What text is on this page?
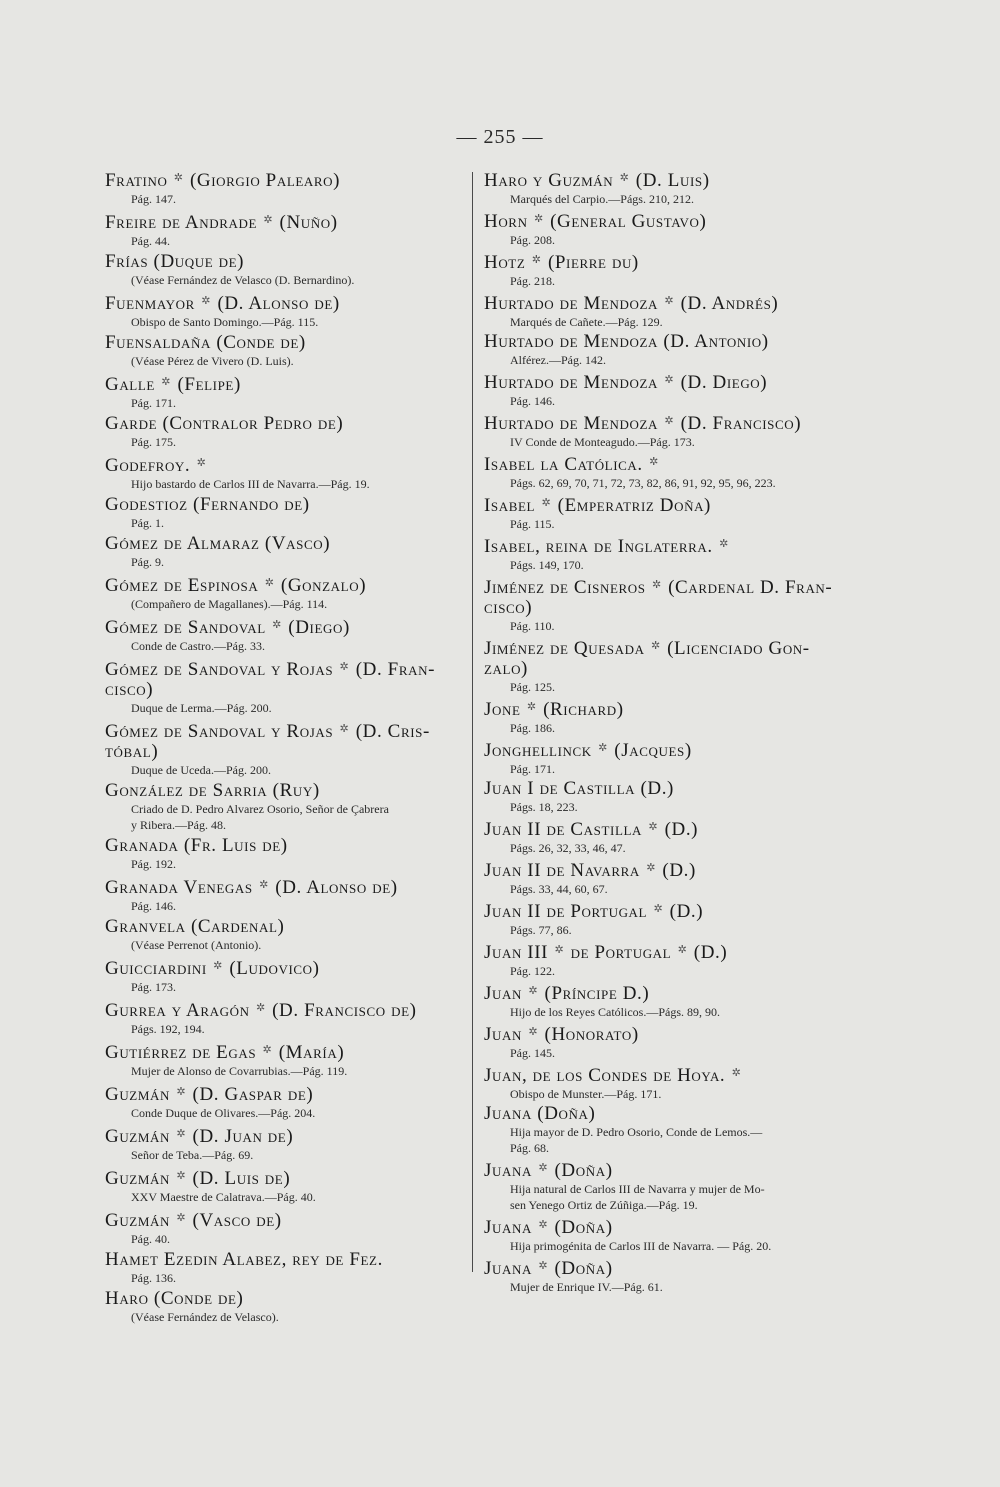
— 255 —
Fratino ✲ (Giorgio Palearo)
Pág. 147.
Freire de Andrade ✲ (Nuño)
Pág. 44.
Frías (Duque de)
(Véase Fernández de Velasco (D. Bernardino).
Fuenmayor ✲ (D. Alonso de)
Obispo de Santo Domingo.—Pág. 115.
Fuensaldaña (Conde de)
(Véase Pérez de Vivero (D. Luis).
Galle ✲ (Felipe)
Pág. 171.
Garde (Contralor Pedro de)
Pág. 175.
Godefroy. ✲
Hijo bastardo de Carlos III de Navarra.—Pág. 19.
Godestioz (Fernando de)
Pág. 1.
Gómez de Almaraz (Vasco)
Pág. 9.
Gómez de Espinosa ✲ (Gonzalo)
(Compañero de Magallanes).—Pág. 114.
Gómez de Sandoval ✲ (Diego)
Conde de Castro.—Pág. 33.
Gómez de Sandoval y Rojas ✲ (D. Fran-
cisco)
Duque de Lerma.—Pág. 200.
Gómez de Sandoval y Rojas ✲ (D. Cris-
tóbal)
Duque de Uceda.—Pág. 200.
González de Sarria (Ruy)
Criado de D. Pedro Alvarez Osorio, Señor de Çabrera
y Ribera.—Pág. 48.
Granada (Fr. Luis de)
Pág. 192.
Granada Venegas ✲ (D. Alonso de)
Pág. 146.
Granvela (Cardenal)
(Véase Perrenot (Antonio).
Guicciardini ✲ (Ludovico)
Pág. 173.
Gurrea y Aragón ✲ (D. Francisco de)
Págs. 192, 194.
Gutiérrez de Egas ✲ (María)
Mujer de Alonso de Covarrubias.—Pág. 119.
Guzmán ✲ (D. Gaspar de)
Conde Duque de Olivares.—Pág. 204.
Guzmán ✲ (D. Juan de)
Señor de Teba.—Pág. 69.
Guzmán ✲ (D. Luis de)
XXV Maestre de Calatrava.—Pág. 40.
Guzmán ✲ (Vasco de)
Pág. 40.
Hamet Ezedin Alabez, rey de Fez.
Pág. 136.
Haro (Conde de)
(Véase Fernández de Velasco).
Haro y Guzmán ✲ (D. Luis)
Marqués del Carpio.—Págs. 210, 212.
Horn ✲ (General Gustavo)
Pág. 208.
Hotz ✲ (Pierre du)
Pág. 218.
Hurtado de Mendoza ✲ (D. Andrés)
Marqués de Cañete.—Pág. 129.
Hurtado de Mendoza (D. Antonio)
Alférez.—Pág. 142.
Hurtado de Mendoza ✲ (D. Diego)
Pág. 146.
Hurtado de Mendoza ✲ (D. Francisco)
IV Conde de Monteagudo.—Pág. 173.
Isabel la Católica. ✲
Págs. 62, 69, 70, 71, 72, 73, 82, 86, 91, 92, 95, 96, 223.
Isabel ✲ (Emperatriz Doña)
Pág. 115.
Isabel, reina de Inglaterra. ✲
Págs. 149, 170.
Jiménez de Cisneros ✲ (Cardenal D. Fran-
cisco)
Pág. 110.
Jiménez de Quesada ✲ (Licenciado Gon-
zalo)
Pág. 125.
Jone ✲ (Richard)
Pág. 186.
Jonghellinck ✲ (Jacques)
Pág. 171.
Juan I de Castilla (D.)
Págs. 18, 223.
Juan II de Castilla ✲ (D.)
Págs. 26, 32, 33, 46, 47.
Juan II de Navarra ✲ (D.)
Págs. 33, 44, 60, 67.
Juan II de Portugal ✲ (D.)
Págs. 77, 86.
Juan III ✲ de Portugal ✲ (D.)
Pág. 122.
Juan ✲ (Príncipe D.)
Hijo de los Reyes Católicos.—Págs. 89, 90.
Juan ✲ (Honorato)
Pág. 145.
Juan, de los Condes de Hoya. ✲
Obispo de Munster.—Pág. 171.
Juana (Doña)
Hija mayor de D. Pedro Osorio, Conde de Lemos.—
Pág. 68.
Juana ✲ (Doña)
Hija natural de Carlos III de Navarra y mujer de Mo-
sen Yenego Ortiz de Zúñiga.—Pág. 19.
Juana ✲ (Doña)
Hija primogénita de Carlos III de Navarra. — Pág. 20.
Juana ✲ (Doña)
Mujer de Enrique IV.—Pág. 61.
